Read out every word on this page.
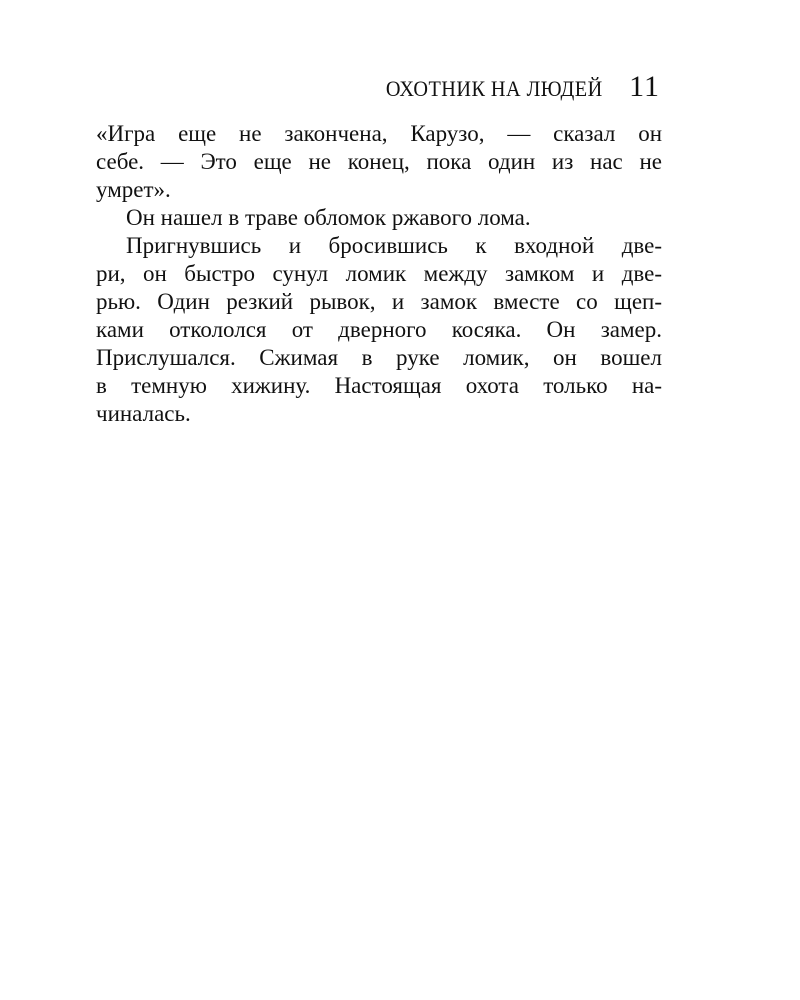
ОХОТНИК НА ЛЮДЕЙ 11
«Игра еще не закончена, Карузо, — сказал он
себе. — Это еще не конец, пока один из нас не
умрет».
Он нашел в траве обломок ржавого лома.
Пригнувшись и бросившись к входной две-
ри, он быстро сунул ломик между замком и две-
рью. Один резкий рывок, и замок вместе со щеп-
ками откололся от дверного косяка. Он замер.
Прислушался. Сжимая в руке ломик, он вошел
в темную хижину. Настоящая охота только на-
чиналась.
